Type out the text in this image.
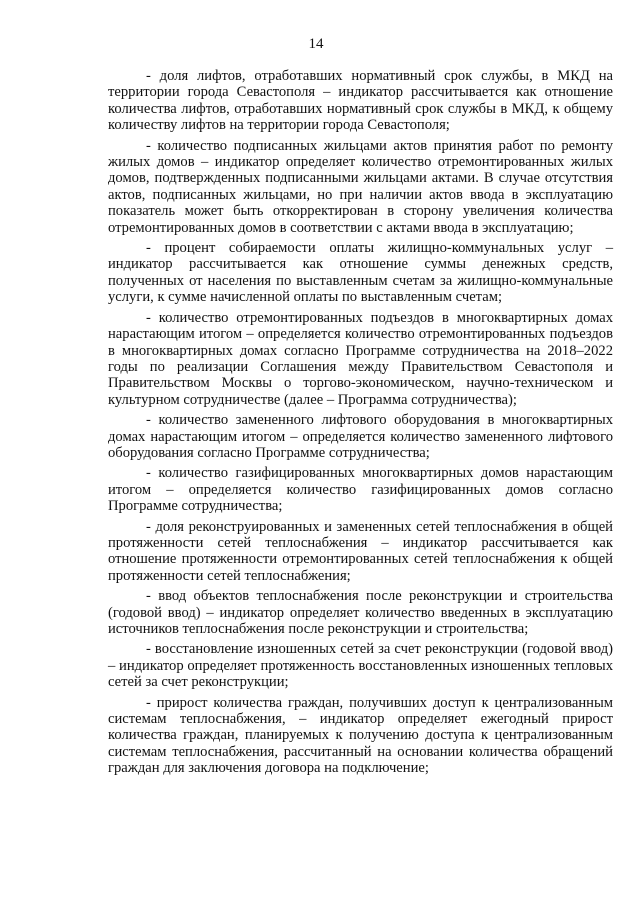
14

- доля лифтов, отработавших нормативный срок службы, в МКД на территории города Севастополя – индикатор рассчитывается как отношение количества лифтов, отработавших нормативный срок службы в МКД, к общему количеству лифтов на территории города Севастополя;

- количество подписанных жильцами актов принятия работ по ремонту жилых домов – индикатор определяет количество отремонтированных жилых домов, подтвержденных подписанными жильцами актами. В случае отсутствия актов, подписанных жильцами, но при наличии актов ввода в эксплуатацию показатель может быть откорректирован в сторону увеличения количества отремонтированных домов в соответствии с актами ввода в эксплуатацию;

- процент собираемости оплаты жилищно-коммунальных услуг – индикатор рассчитывается как отношение суммы денежных средств, полученных от населения по выставленным счетам за жилищно-коммунальные услуги, к сумме начисленной оплаты по выставленным счетам;

- количество отремонтированных подъездов в многоквартирных домах нарастающим итогом – определяется количество отремонтированных подъездов в многоквартирных домах согласно Программе сотрудничества на 2018–2022 годы по реализации Соглашения между Правительством Севастополя и Правительством Москвы о торгово-экономическом, научно-техническом и культурном сотрудничестве (далее – Программа сотрудничества);

- количество замененного лифтового оборудования в многоквартирных домах нарастающим итогом – определяется количество замененного лифтового оборудования согласно Программе сотрудничества;

- количество газифицированных многоквартирных домов нарастающим итогом – определяется количество газифицированных домов согласно Программе сотрудничества;

- доля реконструированных и замененных сетей теплоснабжения в общей протяженности сетей теплоснабжения – индикатор рассчитывается как отношение протяженности отремонтированных сетей теплоснабжения к общей протяженности сетей теплоснабжения;

- ввод объектов теплоснабжения после реконструкции и строительства (годовой ввод) – индикатор определяет количество введенных в эксплуатацию источников теплоснабжения после реконструкции и строительства;

- восстановление изношенных сетей за счет реконструкции (годовой ввод) – индикатор определяет протяженность восстановленных изношенных тепловых сетей за счет реконструкции;

- прирост количества граждан, получивших доступ к централизованным системам теплоснабжения, – индикатор определяет ежегодный прирост количества граждан, планируемых к получению доступа к централизованным системам теплоснабжения, рассчитанный на основании количества обращений граждан для заключения договора на подключение;
